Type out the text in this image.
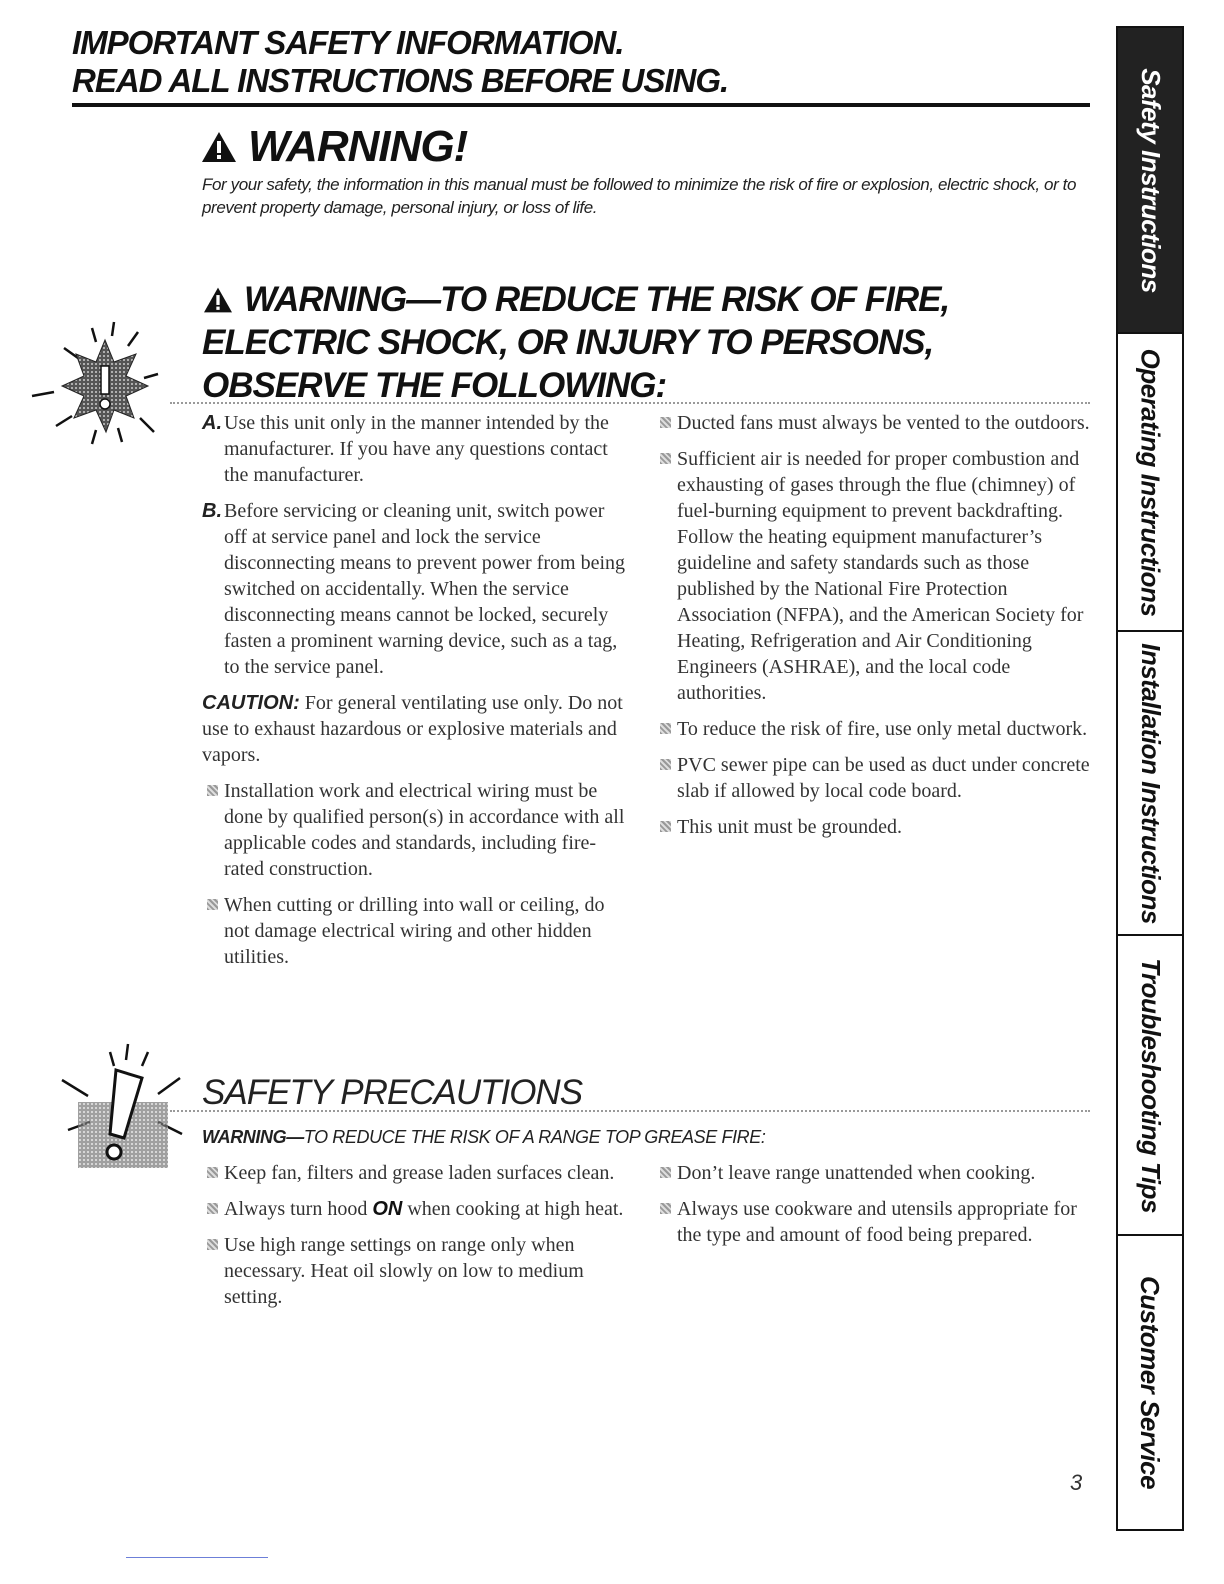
IMPORTANT SAFETY INFORMATION.
READ ALL INSTRUCTIONS BEFORE USING.
WARNING!
For your safety, the information in this manual must be followed to minimize the risk of fire or explosion, electric shock, or to prevent property damage, personal injury, or loss of life.
WARNING—TO REDUCE THE RISK OF FIRE,
ELECTRIC SHOCK, OR INJURY TO PERSONS,
OBSERVE THE FOLLOWING:
A. Use this unit only in the manner intended by the manufacturer. If you have any questions contact the manufacturer.
B. Before servicing or cleaning unit, switch power off at service panel and lock the service disconnecting means to prevent power from being switched on accidentally. When the service disconnecting means cannot be locked, securely fasten a prominent warning device, such as a tag, to the service panel.

CAUTION: For general ventilating use only. Do not use to exhaust hazardous or explosive materials and vapors.

Installation work and electrical wiring must be done by qualified person(s) in accordance with all applicable codes and standards, including fire-rated construction.
When cutting or drilling into wall or ceiling, do not damage electrical wiring and other hidden utilities.
Ducted fans must always be vented to the outdoors.
Sufficient air is needed for proper combustion and exhausting of gases through the flue (chimney) of fuel-burning equipment to prevent backdrafting. Follow the heating equipment manufacturer’s guideline and safety standards such as those published by the National Fire Protection Association (NFPA), and the American Society for Heating, Refrigeration and Air Conditioning Engineers (ASHRAE), and the local code authorities.
To reduce the risk of fire, use only metal ductwork.
PVC sewer pipe can be used as duct under concrete slab if allowed by local code board.
This unit must be grounded.
SAFETY PRECAUTIONS
WARNING—TO REDUCE THE RISK OF A RANGE TOP GREASE FIRE:
Keep fan, filters and grease laden surfaces clean.
Always turn hood ON when cooking at high heat.
Use high range settings on range only when necessary. Heat oil slowly on low to medium setting.
Don’t leave range unattended when cooking.
Always use cookware and utensils appropriate for the type and amount of food being prepared.
Safety Instructions
Operating Instructions
Installation Instructions
Troubleshooting Tips
Customer Service
3
